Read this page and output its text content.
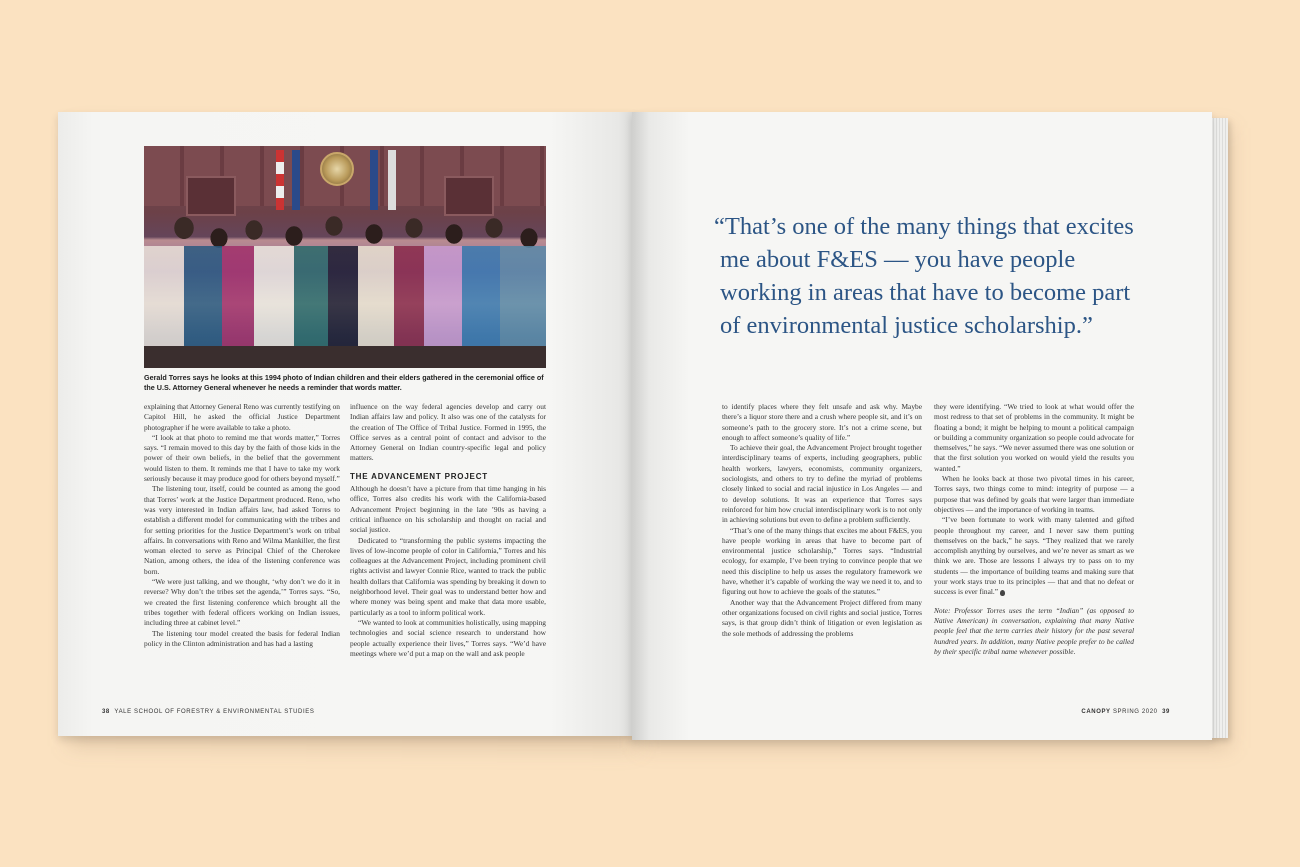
Gerald Torres says he looks at this 1994 photo of Indian children and their elders gathered in the ceremonial office of the U.S. Attorney General whenever he needs a reminder that words matter.

explaining that Attorney General Reno was currently testifying on Capitol Hill, he asked the official Justice Department photographer if he were available to take a photo.

“I look at that photo to remind me that words matter,” Torres says. “I remain moved to this day by the faith of those kids in the power of their own beliefs, in the belief that the government would listen to them. It reminds me that I have to take my work seriously because it may produce good for others beyond myself.”

The listening tour, itself, could be counted as among the good that Torres’ work at the Justice Department produced. Reno, who was very interested in Indian affairs law, had asked Torres to establish a different model for communicating with the tribes and for setting priorities for the Justice Department’s work on tribal affairs. In conversations with Reno and Wilma Mankiller, the first woman elected to serve as Principal Chief of the Cherokee Nation, among others, the idea of the listening conference was born.

“We were just talking, and we thought, ‘why don’t we do it in reverse? Why don’t the tribes set the agenda,’” Torres says. “So, we created the first listening conference which brought all the tribes together with federal officers working on Indian issues, including three at cabinet level.”

The listening tour model created the basis for federal Indian policy in the Clinton administration and has had a lasting

influence on the way federal agencies develop and carry out Indian affairs law and policy. It also was one of the catalysts for the creation of The Office of Tribal Justice. Formed in 1995, the Office serves as a central point of contact and advisor to the Attorney General on Indian country-specific legal and policy matters.

THE ADVANCEMENT PROJECT

Although he doesn’t have a picture from that time hanging in his office, Torres also credits his work with the California-based Advancement Project beginning in the late ’90s as having a critical influence on his scholarship and thought on racial and social justice.

Dedicated to “transforming the public systems impacting the lives of low-income people of color in California,” Torres and his colleagues at the Advancement Project, including prominent civil rights activist and lawyer Connie Rice, wanted to track the public health dollars that California was spending by breaking it down to neighborhood level. Their goal was to understand better how and where money was being spent and make that data more usable, particularly as a tool to inform political work.

“We wanted to look at communities holistically, using mapping technologies and social science research to understand how people actually experience their lives,” Torres says. “We’d have meetings where we’d put a map on the wall and ask people

38 YALE SCHOOL OF FORESTRY & ENVIRONMENTAL STUDIES
“That’s one of the many things that excites
me about F&ES — you have people
working in areas that have to become part
of environmental justice scholarship.”

to identify places where they felt unsafe and ask why. Maybe there’s a liquor store there and a crush where people sit, and it’s on someone’s path to the grocery store. It’s not a crime scene, but enough to affect someone’s quality of life.”

To achieve their goal, the Advancement Project brought together interdisciplinary teams of experts, including geographers, public health workers, lawyers, economists, community organizers, sociologists, and others to try to define the myriad of problems closely linked to social and racial injustice in Los Angeles — and to develop solutions. It was an experience that Torres says reinforced for him how crucial interdisciplinary work is to not only in achieving solutions but even to define a problem sufficiently.

“That’s one of the many things that excites me about F&ES, you have people working in areas that have to become part of environmental justice scholarship,” Torres says. “Industrial ecology, for example, I’ve been trying to convince people that we need this discipline to help us asses the regulatory framework we have, whether it’s capable of working the way we need it to, and to figuring out how to achieve the goals of the statutes.”

Another way that the Advancement Project differed from many other organizations focused on civil rights and social justice, Torres says, is that group didn’t think of litigation or even legislation as the sole methods of addressing the problems

they were identifying. “We tried to look at what would offer the most redress to that set of problems in the community. It might be floating a bond; it might be helping to mount a political campaign or building a community organization so people could advocate for themselves,” he says. “We never assumed there was one solution or that the first solution you worked on would yield the results you wanted.”

When he looks back at those two pivotal times in his career, Torres says, two things come to mind: integrity of purpose — a purpose that was defined by goals that were larger than immediate objectives — and the importance of working in teams.

“I’ve been fortunate to work with many talented and gifted people throughout my career, and I never saw them putting themselves on the back,” he says. “They realized that we rarely accomplish anything by ourselves, and we’re never as smart as we think we are. Those are lessons I always try to pass on to my students — the importance of building teams and making sure that your work stays true to its principles — that and that no defeat or success is ever final.”

Note: Professor Torres uses the term “Indian” (as opposed to Native American) in conversation, explaining that many Native people feel that the term carries their history for the past several hundred years. In addition, many Native people prefer to be called by their specific tribal name whenever possible.

CANOPY SPRING 2020 39
